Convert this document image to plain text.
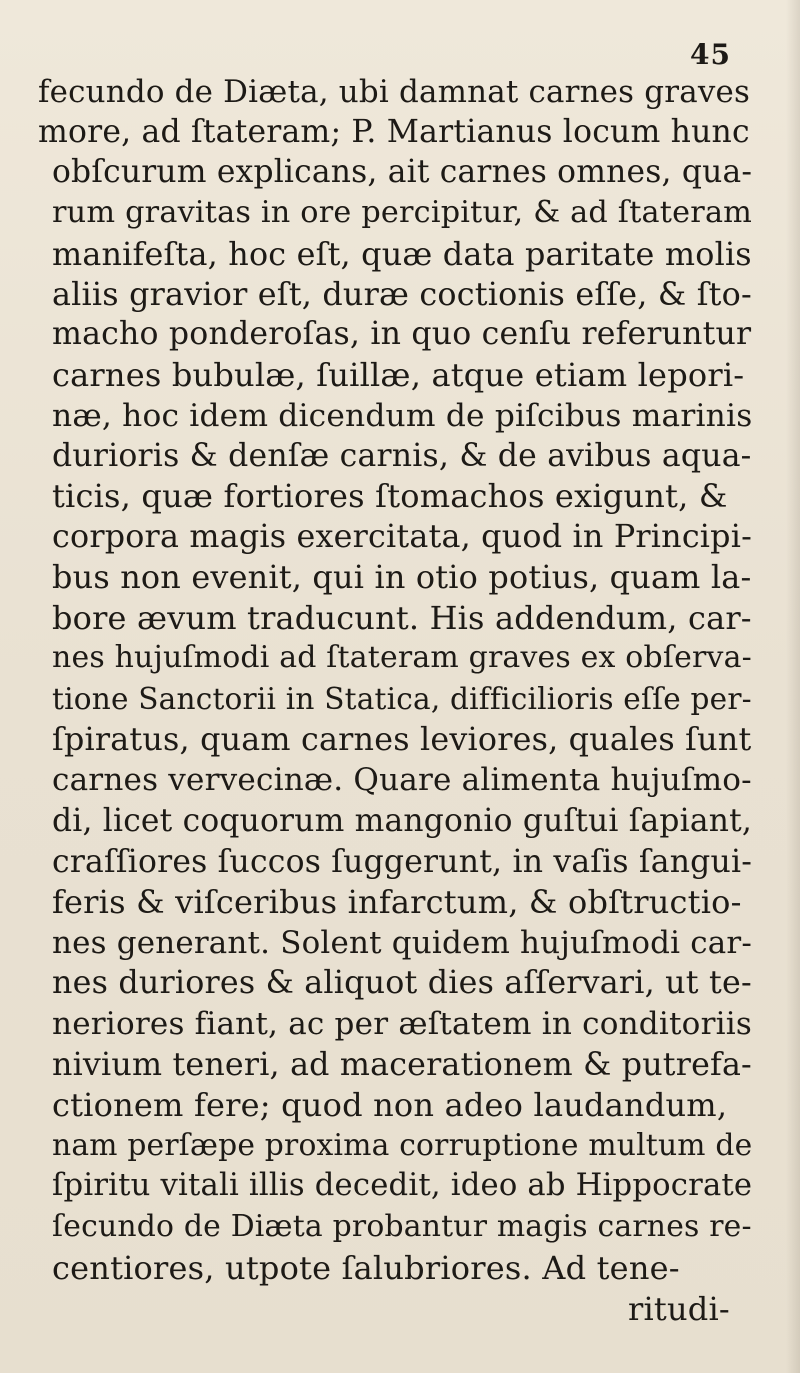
45
fecundo de Diæta, ubi damnat carnes graves
more, ad ſtateram; P. Martianus locum hunc
obſcurum explicans, ait carnes omnes, qua-
rum gravitas in ore percipitur, & ad ſtateram
manifeſta, hoc eſt, quæ data paritate molis
aliis gravior eſt, duræ coctionis eſſe, & ſto-
macho ponderoſas, in quo cenſu referuntur
carnes bubulæ, ſuillæ, atque etiam lepori-
næ, hoc idem dicendum de piſcibus marinis
durioris & denſæ carnis, & de avibus aqua-
ticis, quæ fortiores ſtomachos exigunt, &
corpora magis exercitata, quod in Principi-
bus non evenit, qui in otio potius, quam la-
bore ævum traducunt. His addendum, car-
nes hujuſmodi ad ſtateram graves ex obſerva-
tione Sanctorii in Statica, difficilioris eſſe per-
ſpiratus, quam carnes leviores, quales ſunt
carnes vervecinæ. Quare alimenta hujuſmo-
di, licet coquorum mangonio guſtui ſapiant,
craſſiores ſuccos ſuggerunt, in vaſis ſangui-
feris & viſceribus infarctum, & obſtructio-
nes generant. Solent quidem hujuſmodi car-
nes duriores & aliquot dies aſſervari, ut te-
neriores fiant, ac per æſtatem in conditoriis
nivium teneri, ad macerationem & putrefa-
ctionem fere; quod non adeo laudandum,
nam perſæpe proxima corruptione multum de
ſpiritu vitali illis decedit, ideo ab Hippocrate
ſecundo de Diæta probantur magis carnes re-
centiores, utpote ſalubriores. Ad tene-
ritudi-
